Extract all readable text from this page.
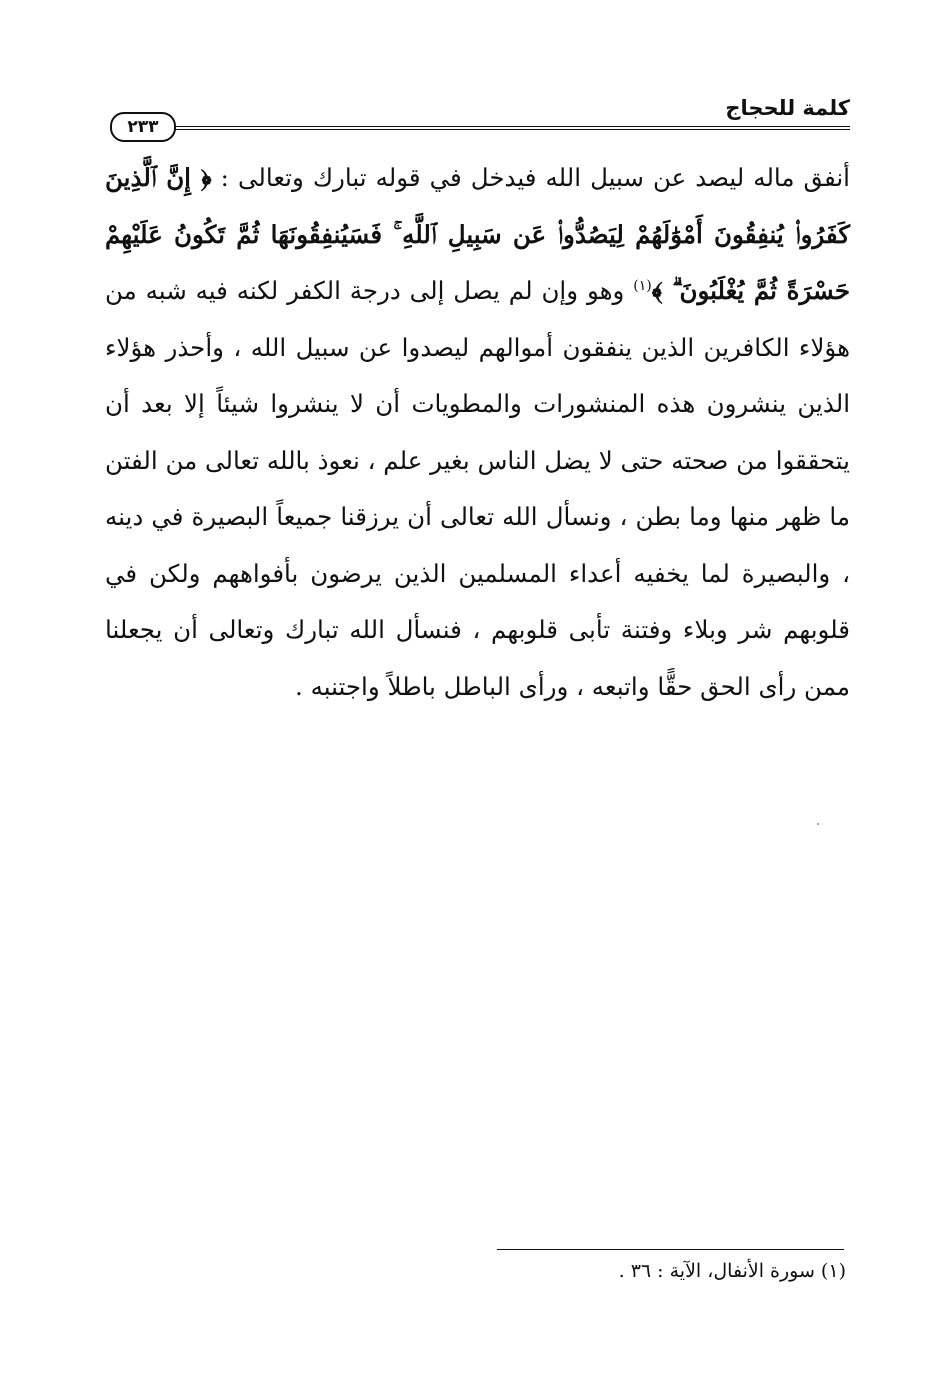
كلمة للحجاج
٢٣٣
أنفق ماله ليصد عن سبيل الله فيدخل في قوله تبارك وتعالى : ﴿ إِنَّ ٱلَّذِينَ كَفَرُوا۟ يُنفِقُونَ أَمْوَٰلَهُمْ لِيَصُدُّوا۟ عَن سَبِيلِ ٱللَّهِ ۚ فَسَيُنفِقُونَهَا ثُمَّ تَكُونُ عَلَيْهِمْ حَسْرَةً ثُمَّ يُغْلَبُونَ ۗ ﴾$^{(١)}$ وهو وإن لم يصل إلى درجة الكفر لكنه فيه شبه من هؤلاء الكافرين الذين ينفقون أموالهم ليصدوا عن سبيل الله ، وأحذر هؤلاء الذين ينشرون هذه المنشورات والمطويات أن لا ينشروا شيئاً إلا بعد أن يتحققوا من صحته حتى لا يضل الناس بغير علم ، نعوذ بالله تعالى من الفتن ما ظهر منها وما بطن ، ونسأل الله تعالى أن يرزقنا جميعاً البصيرة في دينه ، والبصيرة لما يخفيه أعداء المسلمين الذين يرضون بأفواههم ولكن في قلوبهم شر وبلاء وفتنة تأبى قلوبهم ، فنسأل الله تبارك وتعالى أن يجعلنا ممن رأى الحق حقًّا واتبعه ، ورأى الباطل باطلاً واجتنبه .
(١) سورة الأنفال، الآية : ٣٦ .
